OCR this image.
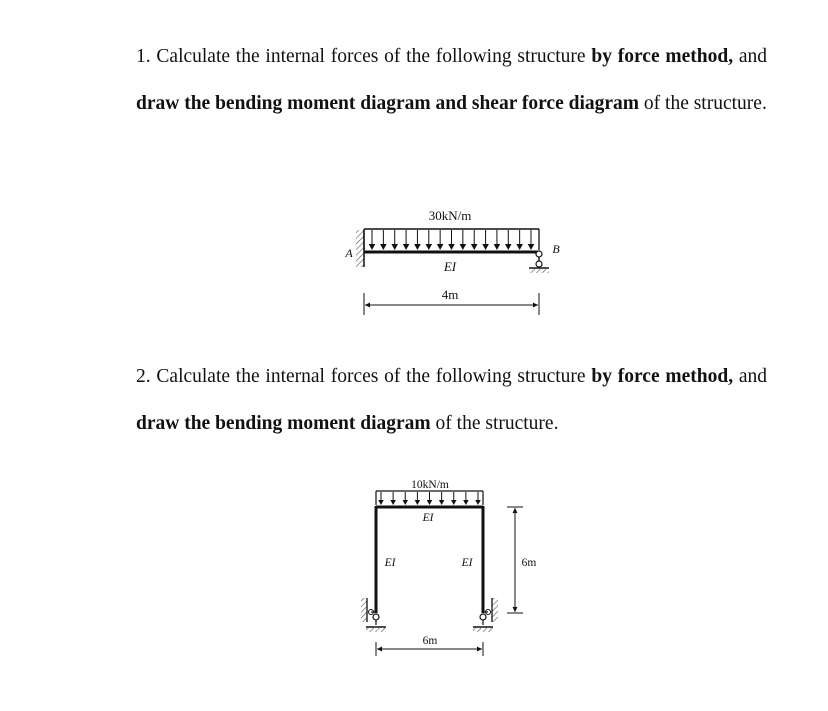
1. Calculate the internal forces of the following structure by force method, and draw the bending moment diagram and shear force diagram of the structure.
2. Calculate the internal forces of the following structure by force method, and draw the bending moment diagram of the structure.
30kN/m
A	B
EI
4m
10kN/m
EI
EI	EI	6m
6m
